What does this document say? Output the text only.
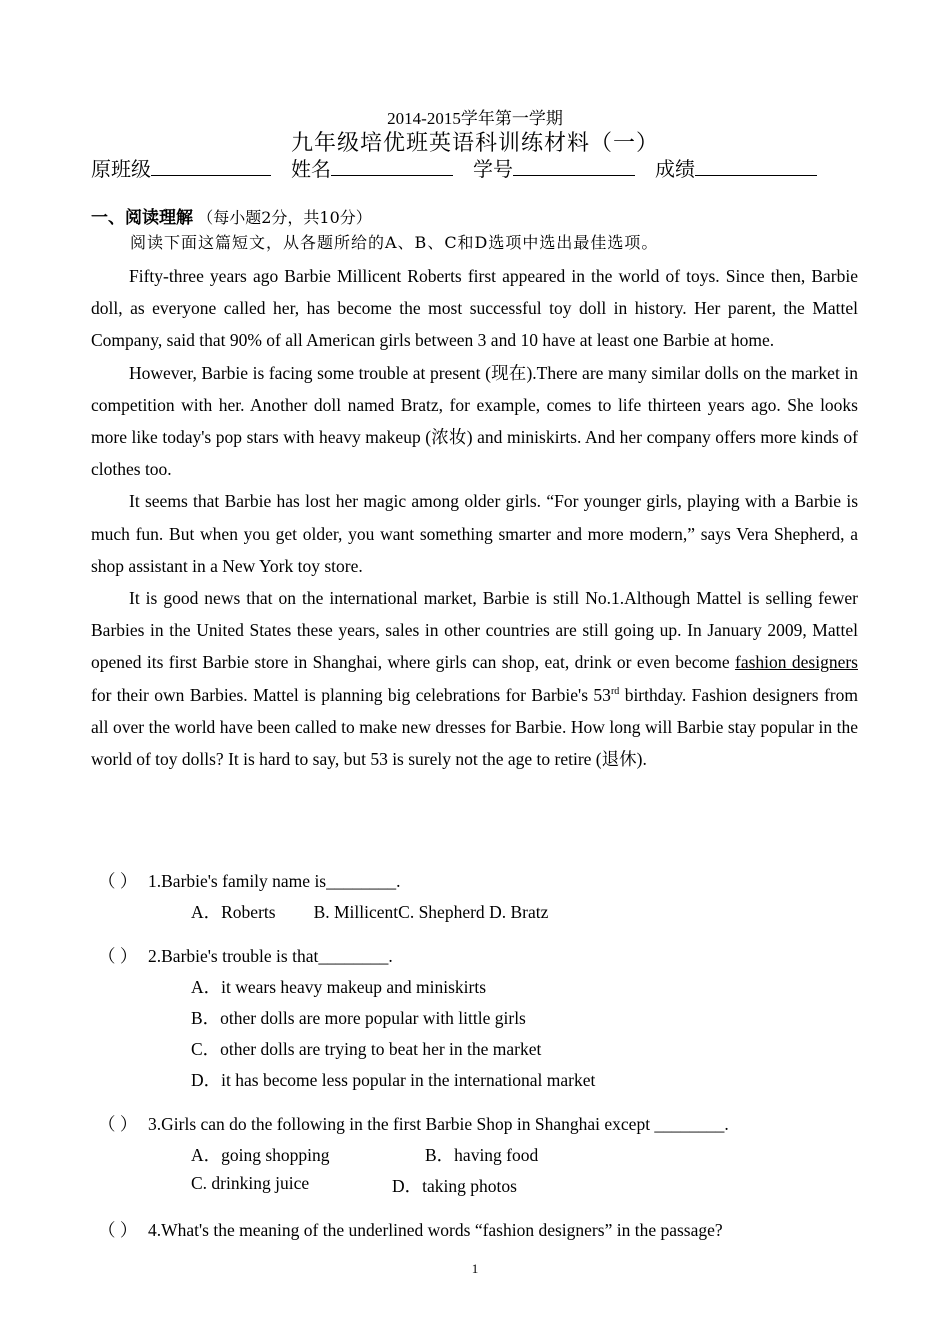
2014-2015学年第一学期
九年级培优班英语科训练材料（一）
原班级	姓名	学号	成绩
一、阅读理解 （每小题2分，共10分）
阅读下面这篇短文，从各题所给的A、B、C和D选项中选出最佳选项。

Fifty-three years ago Barbie Millicent Roberts first appeared in the world of toys. Since then, Barbie doll, as everyone called her, has become the most successful toy doll in history. Her parent, the Mattel Company, said that 90% of all American girls between 3 and 10 have at least one Barbie at home.

However, Barbie is facing some trouble at present (现在).There are many similar dolls on the market in competition with her. Another doll named Bratz, for example, comes to life thirteen years ago. She looks more like today's pop stars with heavy makeup (浓妆) and miniskirts. And her company offers more kinds of clothes too.

It seems that Barbie has lost her magic among older girls. “For younger girls, playing with a Barbie is much fun. But when you get older, you want something smarter and more modern,” says Vera Shepherd, a shop assistant in a New York toy store.

It is good news that on the international market, Barbie is still No.1.Although Mattel is selling fewer Barbies in the United States these years, sales in other countries are still going up. In January 2009, Mattel opened its first Barbie store in Shanghai, where girls can shop, eat, drink or even become fashion designers for their own Barbies. Mattel is planning big celebrations for Barbie's 53rd birthday. Fashion designers from all over the world have been called to make new dresses for Barbie. How long will Barbie stay popular in the world of toy dolls? It is hard to say, but 53 is surely not the age to retire (退休).

（ ） 1.Barbie's family name is________.
A．Roberts B. MillicentC. Shepherd D. Bratz
（ ） 2.Barbie's trouble is that________.
A．it wears heavy makeup and miniskirts
B．other dolls are more popular with little girls
C．other dolls are trying to beat her in the market
D．it has become less popular in the international market
（ ） 3.Girls can do the following in the first Barbie Shop in Shanghai except ________.
A．going shopping	B．having food
C. drinking juice	D．taking photos
（ ） 4.What's the meaning of the underlined words “fashion designers” in the passage?
1
